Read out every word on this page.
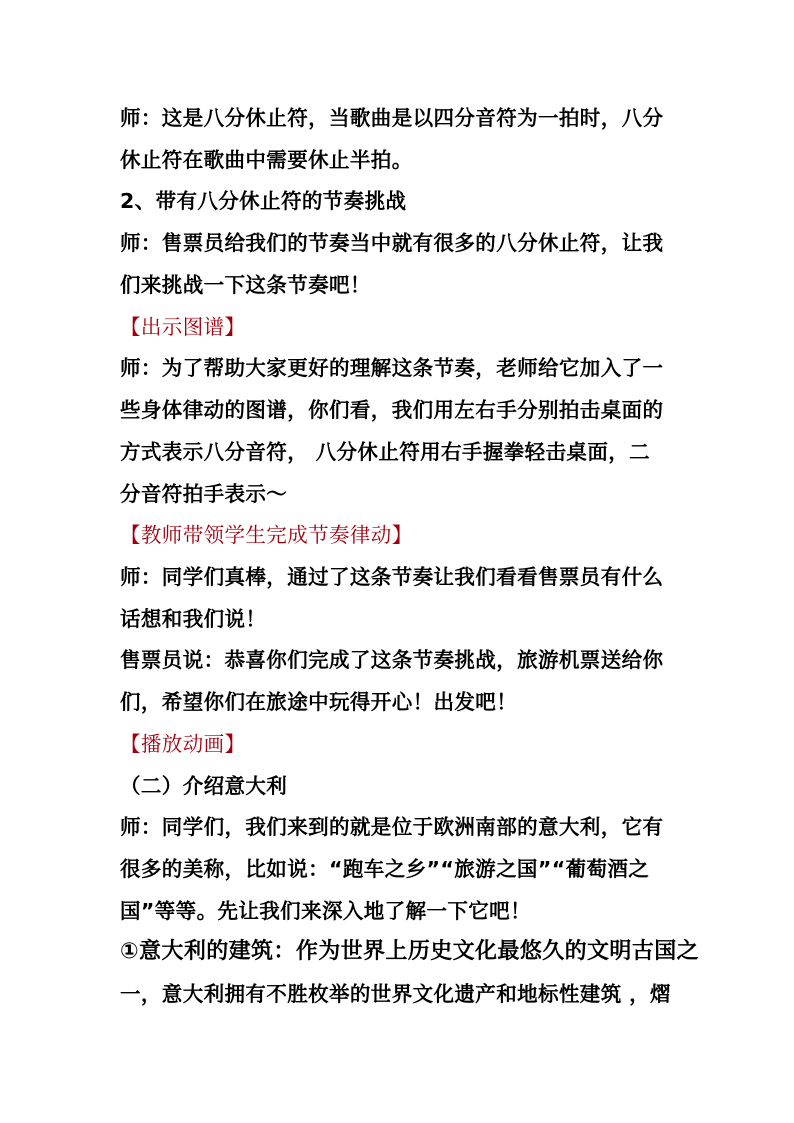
师：这是八分休止符，当歌曲是以四分音符为一拍时，八分
休止符在歌曲中需要休止半拍。
2、带有八分休止符的节奏挑战
师：售票员给我们的节奏当中就有很多的八分休止符，让我
们来挑战一下这条节奏吧！
【出示图谱】
师：为了帮助大家更好的理解这条节奏，老师给它加入了一
些身体律动的图谱，你们看，我们用左右手分别拍击桌面的
方式表示八分音符， 八分休止符用右手握拳轻击桌面，二
分音符拍手表示～
【教师带领学生完成节奏律动】
师：同学们真棒，通过了这条节奏让我们看看售票员有什么
话想和我们说！
售票员说：恭喜你们完成了这条节奏挑战，旅游机票送给你
们，希望你们在旅途中玩得开心！出发吧！
【播放动画】
（二）介绍意大利
师：同学们，我们来到的就是位于欧洲南部的意大利，它有
很多的美称，比如说：“跑车之乡”“旅游之国”“葡萄酒之
国”等等。先让我们来深入地了解一下它吧！
①意大利的建筑：作为世界上历史文化最悠久的文明古国之
一，意大利拥有不胜枚举的世界文化遗产和地标性建筑 ，熠
